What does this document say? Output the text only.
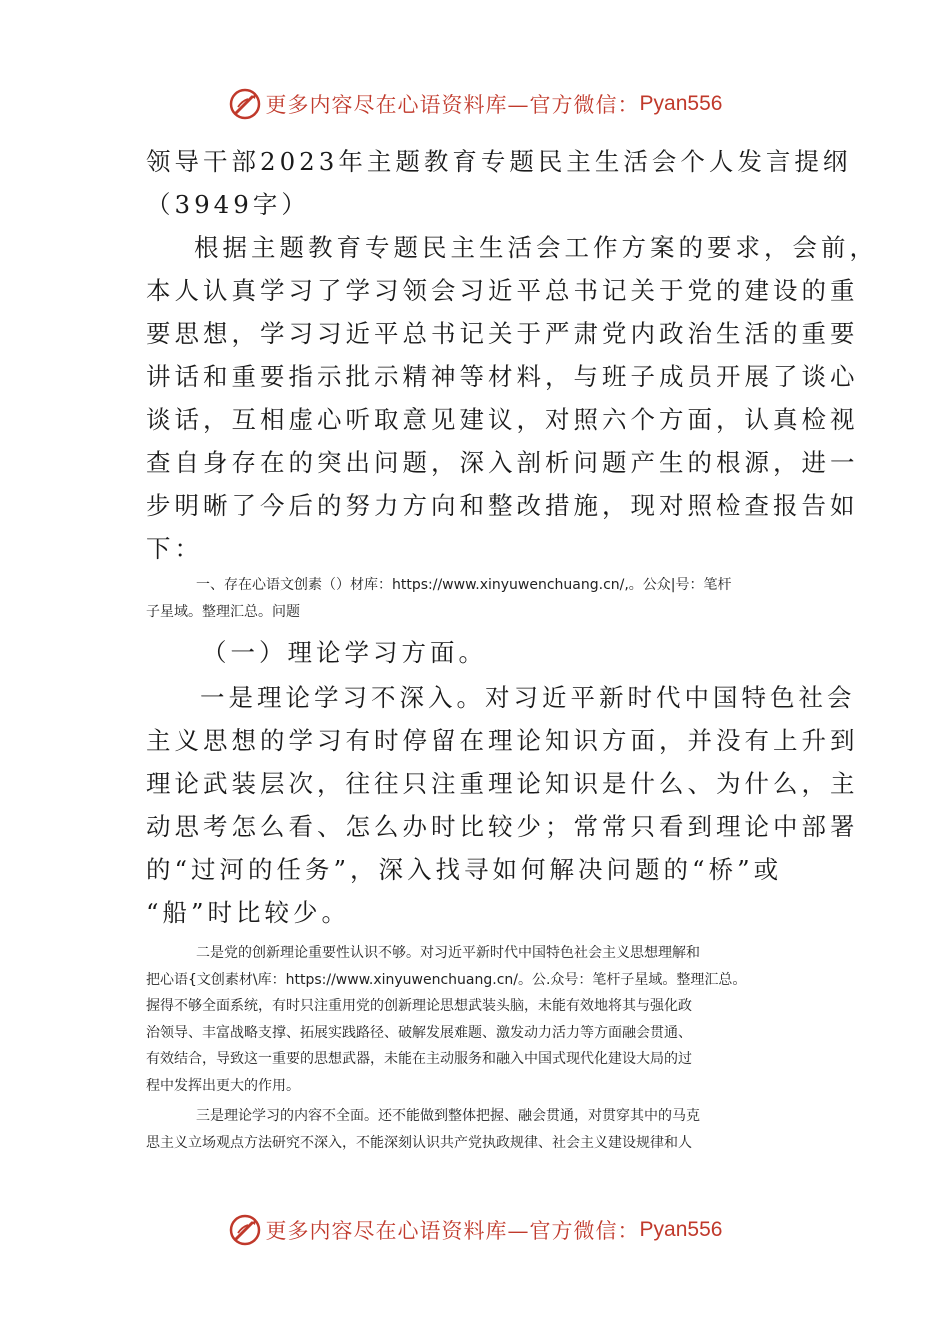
更多内容尽在心语资料库—官方微信： Pyan556

领导干部2023年主题教育专题民主生活会个人发言提纲

（3949字）

根据主题教育专题民主生活会工作方案的要求，会前，

本人认真学习了学习领会习近平总书记关于党的建设的重

要思想，学习习近平总书记关于严肃党内政治生活的重要

讲话和重要指示批示精神等材料，与班子成员开展了谈心

谈话，互相虚心听取意见建议，对照六个方面，认真检视

查自身存在的突出问题，深入剖析问题产生的根源，进一

步明晰了今后的努力方向和整改措施，现对照检查报告如

下：

一、存在心语文创素（）材库：https://www.xinyuwenchuang.cn/,。公众|号：笔杆

子星域。整理汇总。问题

（一）理论学习方面。

一是理论学习不深入。对习近平新时代中国特色社会

主义思想的学习有时停留在理论知识方面，并没有上升到

理论武装层次，往往只注重理论知识是什么、为什么，主

动思考怎么看、怎么办时比较少；常常只看到理论中部署

的“过河的任务”，深入找寻如何解决问题的“桥”或

“船”时比较少。

二是党的创新理论重要性认识不够。对习近平新时代中国特色社会主义思想理解和

把心语{文创素材\库：https://www.xinyuwenchuang.cn/。公.众号：笔杆子星域。整理汇总。

握得不够全面系统，有时只注重用党的创新理论思想武装头脑，未能有效地将其与强化政

治领导、丰富战略支撑、拓展实践路径、破解发展难题、激发动力活力等方面融会贯通、

有效结合，导致这一重要的思想武器，未能在主动服务和融入中国式现代化建设大局的过

程中发挥出更大的作用。

三是理论学习的内容不全面。还不能做到整体把握、融会贯通，对贯穿其中的马克

思主义立场观点方法研究不深入，不能深刻认识共产党执政规律、社会主义建设规律和人

更多内容尽在心语资料库—官方微信： Pyan556
